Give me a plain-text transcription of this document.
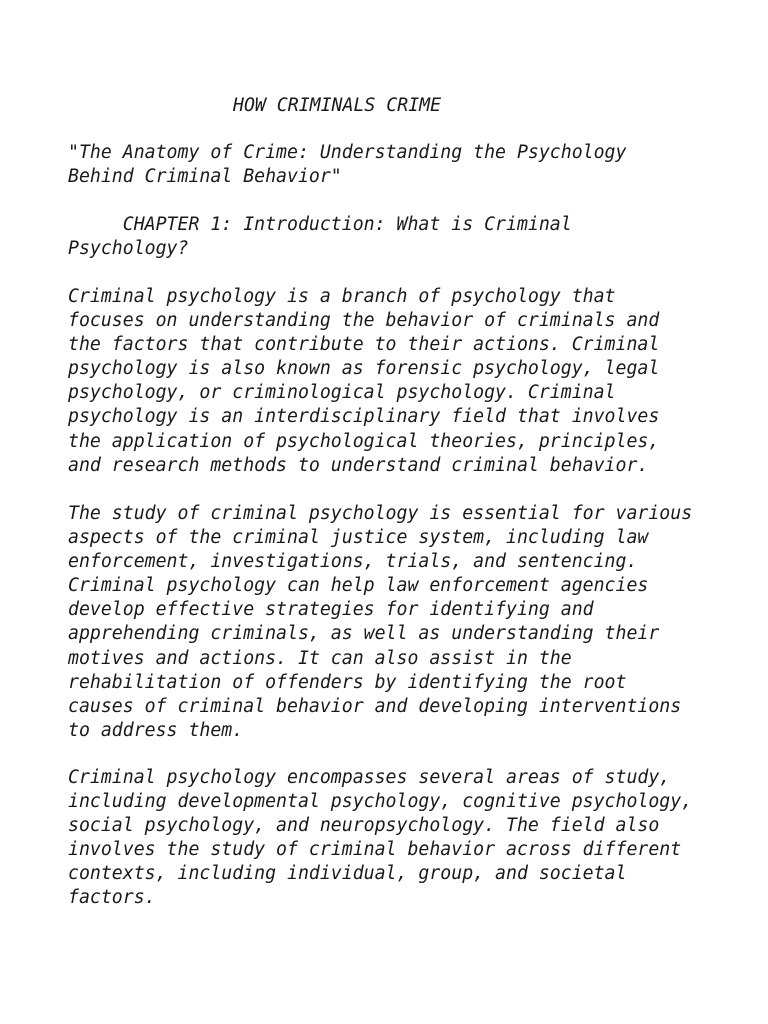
HOW CRIMINALS CRIME
"The Anatomy of Crime: Understanding the Psychology
Behind Criminal Behavior"
CHAPTER 1: Introduction: What is Criminal
Psychology?
Criminal psychology is a branch of psychology that
focuses on understanding the behavior of criminals and
the factors that contribute to their actions. Criminal
psychology is also known as forensic psychology, legal
psychology, or criminological psychology. Criminal
psychology is an interdisciplinary field that involves
the application of psychological theories, principles,
and research methods to understand criminal behavior.
The study of criminal psychology is essential for various
aspects of the criminal justice system, including law
enforcement, investigations, trials, and sentencing.
Criminal psychology can help law enforcement agencies
develop effective strategies for identifying and
apprehending criminals, as well as understanding their
motives and actions. It can also assist in the
rehabilitation of offenders by identifying the root
causes of criminal behavior and developing interventions
to address them.
Criminal psychology encompasses several areas of study,
including developmental psychology, cognitive psychology,
social psychology, and neuropsychology. The field also
involves the study of criminal behavior across different
contexts, including individual, group, and societal
factors.
